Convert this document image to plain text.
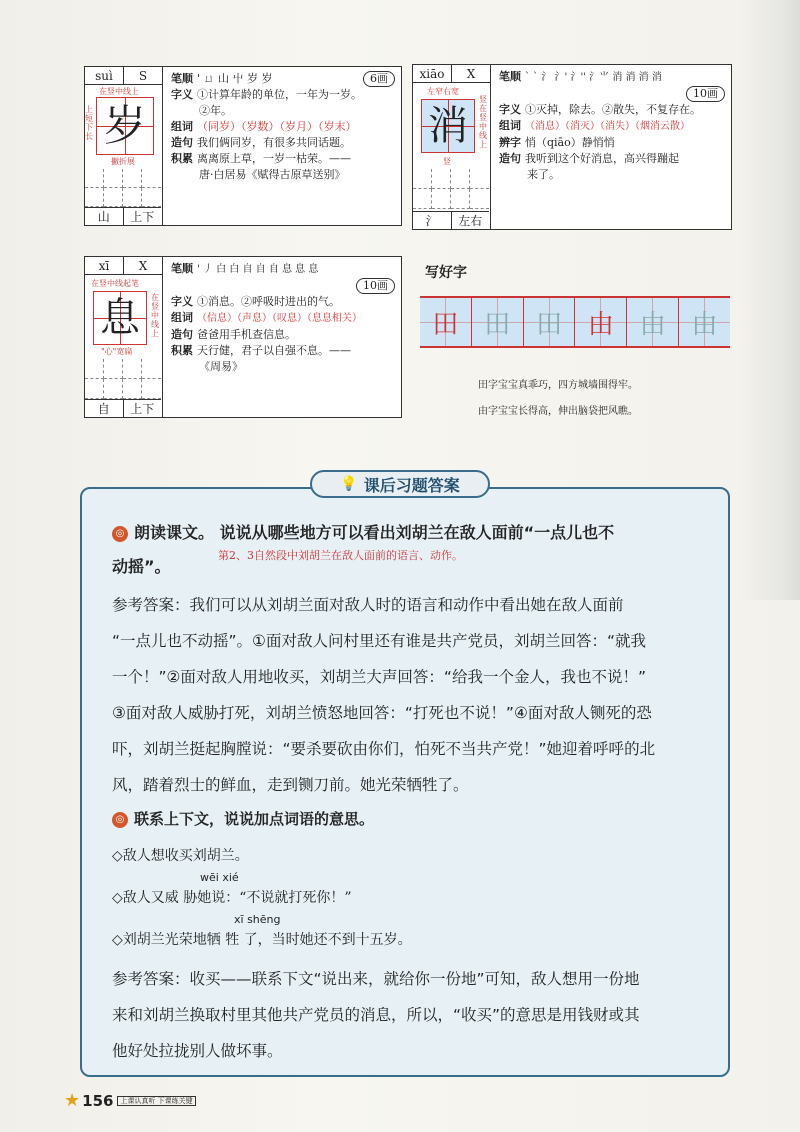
suì	S
在竖中线上
上短下长 岁
撇折展
山	上下
笔顺 ' ㄩ 山 屮 岁 岁	6画
字义 ①计算年龄的单位，一年为一岁。
②年。
组词 （同岁）（岁数）（岁月）（岁末）
造句 我们俩同岁，有很多共同话题。
积累 离离原上草，一岁一枯荣。——
唐·白居易《赋得古原草送别》
xiāo	X
左窄右宽
消
竖在竖中线上
竖
氵	左右
笔顺 ` ` 氵 氵' 氵'' 氵⺌ 消 消 消 消
10画
字义 ①灭掉，除去。②散失，不复存在。
组词 （消息）（消灭）（消失）（烟消云散）
辨字 悄（qiāo）静悄悄
造句 我听到这个好消息，高兴得蹦起
来了。
xī	X
在竖中线起笔
息	在竖中线上
"心"宽扁
自	上下
笔顺 ' 丿 白 白 自 自 自 息 息 息
10画
字义 ①消息。②呼吸时进出的气。
组词 （信息）（声息）（叹息）（息息相关）
造句 爸爸用手机查信息。
积累 天行健，君子以自强不息。——
《周易》
写好字
田 田 田 由 由 由
田字宝宝真乖巧，四方城墙围得牢。
由字宝宝长得高，伸出脑袋把风瞧。
◎ 朗读课文。 说说从哪些地方可以看出刘胡兰在敌人面前“一点儿也不
第2、3自然段中刘胡兰在敌人面前的语言、动作。
动摇”。
参考答案：我们可以从刘胡兰面对敌人时的语言和动作中看出她在敌人面前
“一点儿也不动摇”。①面对敌人问村里还有谁是共产党员，刘胡兰回答：“就我
一个！”②面对敌人用地收买，刘胡兰大声回答：“给我一个金人，我也不说！”
③面对敌人威胁打死，刘胡兰愤怒地回答：“打死也不说！”④面对敌人铡死的恐
吓，刘胡兰挺起胸膛说：“要杀要砍由你们，怕死不当共产党！”她迎着呼呼的北
风，踏着烈士的鲜血，走到铡刀前。她光荣牺牲了。
◎ 联系上下文，说说加点词语的意思。
◇敌人想收买刘胡兰。
wēi xié
◇敌人又威 胁她说：“不说就打死你！”
xī shēng
◇刘胡兰光荣地牺 牲 了，当时她还不到十五岁。
参考答案：收买——联系下文“说出来，就给你一份地”可知，敌人想用一份地
来和刘胡兰换取村里其他共产党员的消息，所以，“收买”的意思是用钱财或其
他好处拉拢别人做坏事。
💡 课后习题答案
★ 156	上课认真听 下课练关键
